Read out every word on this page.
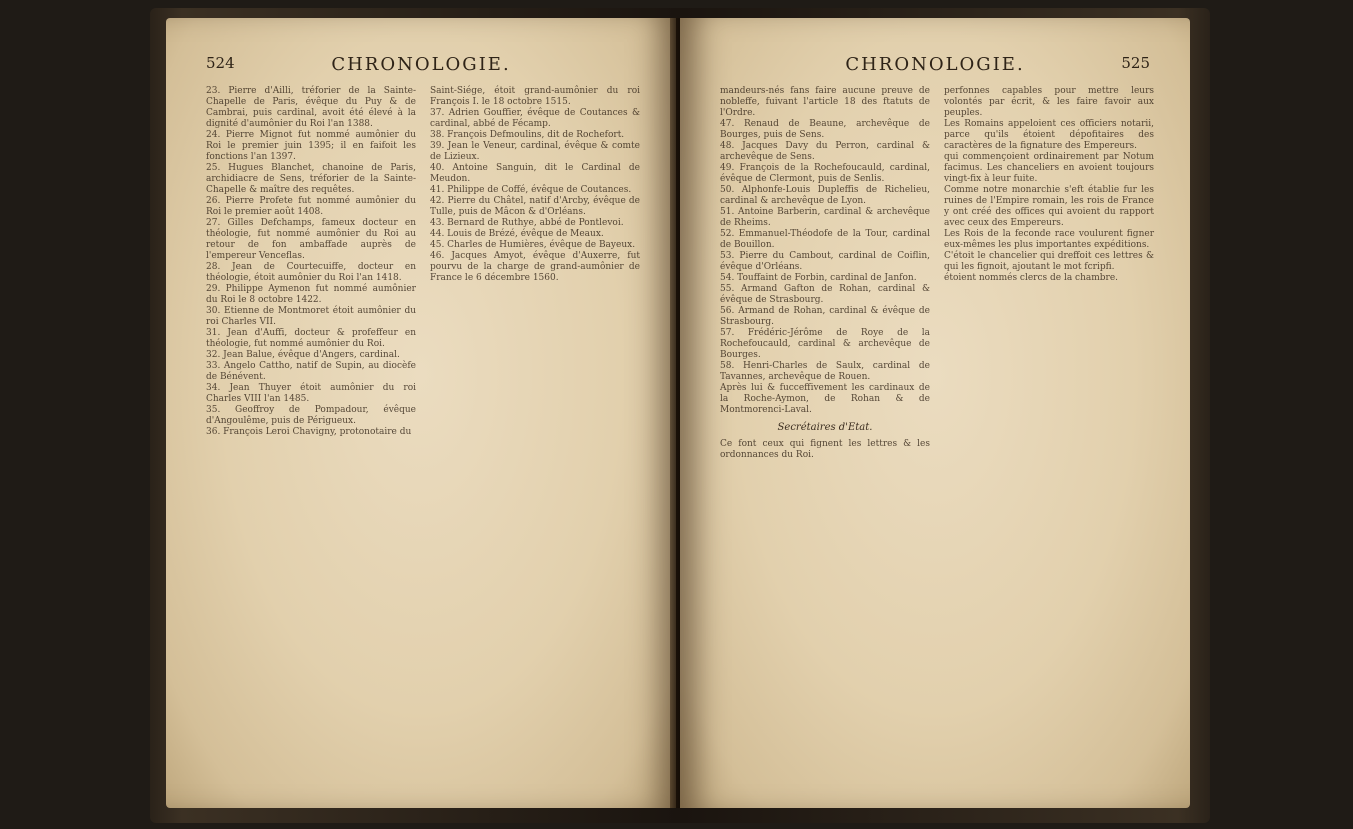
524	CHRONOLOGIE.
23. Pierre d'Ailli, tréforier de la Sainte-Chapelle de Paris, évêque du Puy & de Cambrai, puis cardinal, avoit été élevé à la dignité d'aumônier du Roi l'an 1388.
24. Pierre Mignot fut nommé aumônier du Roi le premier juin 1395; il en faifoit les fonctions l'an 1397.
25. Hugues Blanchet, chanoine de Paris, archidiacre de Sens, tréforier de la Sainte-Chapelle & maître des requêtes.
26. Pierre Profete fut nommé aumônier du Roi le premier août 1408.
27. Gilles Defchamps, fameux docteur en théologie, fut nommé aumônier du Roi au retour de fon ambaffade auprès de l'empereur Venceflas.
28. Jean de Courtecuiffe, docteur en théologie, étoit aumônier du Roi l'an 1418.
29. Philippe Aymenon fut nommé aumônier du Roi le 8 octobre 1422.
30. Etienne de Montmoret étoit aumônier du roi Charles VII.
31. Jean d'Auffi, docteur & profeffeur en théologie, fut nommé aumônier du Roi.
32. Jean Balue, évêque d'Angers, cardinal.
33. Angelo Cattho, natif de Supin, au diocèfe de Bénévent.
34. Jean Thuyer étoit aumônier du roi Charles VIII l'an 1485.
35. Geoffroy de Pompadour, évêque d'Angoulême, puis de Périgueux.
36. François Leroi Chavigny, protonotaire du
Saint-Siége, étoit grand-aumônier du roi François I. le 18 octobre 1515.
37. Adrien Gouffier, évêque de Coutances & cardinal, abbé de Fécamp.
38. François Defmoulins, dit de Rochefort.
39. Jean le Veneur, cardinal, évêque & comte de Lizieux.
40. Antoine Sanguin, dit le Cardinal de Meudon.
41. Philippe de Coffé, évêque de Coutances.
42. Pierre du Châtel, natif d'Arcby, évêque de Tulle, puis de Mâcon & d'Orléans.
43. Bernard de Ruthye, abbé de Pontlevoi.
44. Louis de Brézé, évêque de Meaux.
45. Charles de Humières, évêque de Bayeux.
46. Jacques Amyot, évêque d'Auxerre, fut pourvu de la charge de grand-aumônier de France le 6 décembre 1560.
CHRONOLOGIE.	525
mandeurs-nés fans faire aucune preuve de nobleffe, fuivant l'article 18 des ftatuts de l'Ordre.
47. Renaud de Beaune, archevêque de Bourges, puis de Sens.
48. Jacques Davy du Perron, cardinal & archevêque de Sens.
49. François de la Rochefoucauld, cardinal, évêque de Clermont, puis de Senlis.
50. Alphonfe-Louis Dupleffis de Richelieu, cardinal & archevêque de Lyon.
51. Antoine Barberin, cardinal & archevêque de Rheims.
52. Emmanuel-Théodofe de la Tour, cardinal de Bouillon.
53. Pierre du Cambout, cardinal de Coiflin, évêque d'Orléans.
54. Touffaint de Forbin, cardinal de Janfon.
55. Armand Gafton de Rohan, cardinal & évêque de Strasbourg.
56. Armand de Rohan, cardinal & évêque de Strasbourg.
57. Frédéric-Jérôme de Roye de la Rochefoucauld, cardinal & archevêque de Bourges.
58. Henri-Charles de Saulx, cardinal de Tavannes, archevêque de Rouen.
Après lui & fucceffivement les cardinaux de la Roche-Aymon, de Rohan & de Montmorenci-Laval.
Secrétaires d'Etat.
Ce font ceux qui fignent les lettres & les ordonnances du Roi.
perfonnes capables pour mettre leurs volontés par écrit, & les faire favoir aux peuples.
Les Romains appeloient ces officiers notarii, parce qu'ils étoient dépofitaires des caractères de la fignature des Empereurs.
qui commençoient ordinairement par Notum facimus. Les chanceliers en avoient toujours vingt-fix à leur fuite.
Comme notre monarchie s'eft établie fur les ruines de l'Empire romain, les rois de France y ont créé des offices qui avoient du rapport avec ceux des Empereurs.
Les Rois de la feconde race voulurent figner eux-mêmes les plus importantes expéditions.
C'étoit le chancelier qui dreffoit ces lettres & qui les fignoit, ajoutant le mot fcripfi.
étoient nommés clercs de la chambre.
